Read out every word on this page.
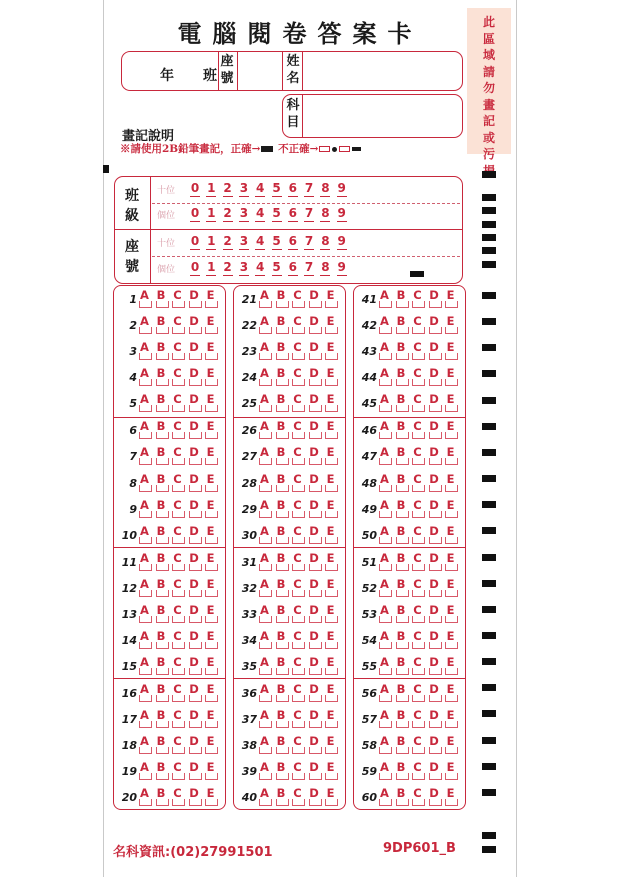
電腦閱卷答案卡
年 班
座號
姓名
科目
此區域請勿畫記或污
畫記說明
※請使用2B鉛筆畫記，正確→ 不正確→
班級
座號
十位
個位
十位
個位
0 1 2 3 4 5 6 7 8 9
0 1 2 3 4 5 6 7 8 9
0 1 2 3 4 5 6 7 8 9
0 1 2 3 4 5 6 7 8 9
1 A B C D E
2 A B C D E
3 A B C D E
4 A B C D E
5 A B C D E
6 A B C D E
7 A B C D E
8 A B C D E
9 A B C D E
10 A B C D E
11 A B C D E
12 A B C D E
13 A B C D E
14 A B C D E
15 A B C D E
16 A B C D E
17 A B C D E
18 A B C D E
19 A B C D E
20 A B C D E
21 A B C D E
22 A B C D E
23 A B C D E
24 A B C D E
25 A B C D E
26 A B C D E
27 A B C D E
28 A B C D E
29 A B C D E
30 A B C D E
31 A B C D E
32 A B C D E
33 A B C D E
34 A B C D E
35 A B C D E
36 A B C D E
37 A B C D E
38 A B C D E
39 A B C D E
40 A B C D E
41 A B C D E
42 A B C D E
43 A B C D E
44 A B C D E
45 A B C D E
46 A B C D E
47 A B C D E
48 A B C D E
49 A B C D E
50 A B C D E
51 A B C D E
52 A B C D E
53 A B C D E
54 A B C D E
55 A B C D E
56 A B C D E
57 A B C D E
58 A B C D E
59 A B C D E
60 A B C D E
名科資訊:(02)27991501	9DP601_B
